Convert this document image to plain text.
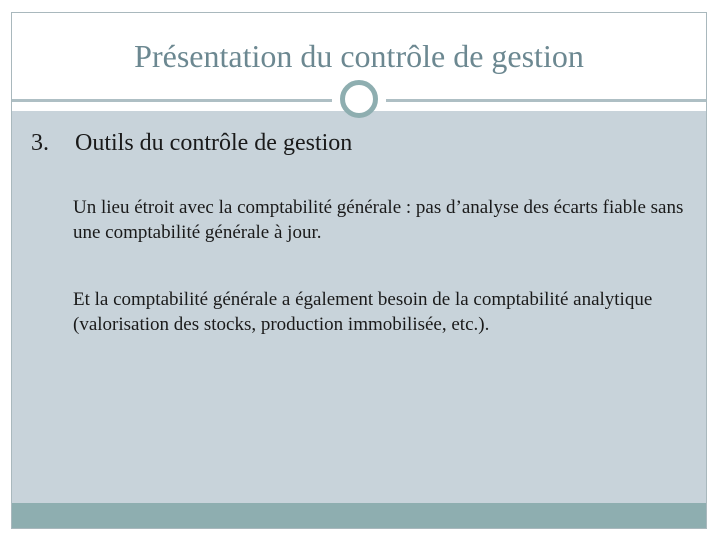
Présentation du contrôle de gestion
3. Outils du contrôle de gestion

Un lieu étroit avec la comptabilité générale : pas d’analyse des écarts fiable sans une comptabilité générale à jour.

Et la comptabilité générale a également besoin de la comptabilité analytique (valorisation des stocks, production immobilisée, etc.).
